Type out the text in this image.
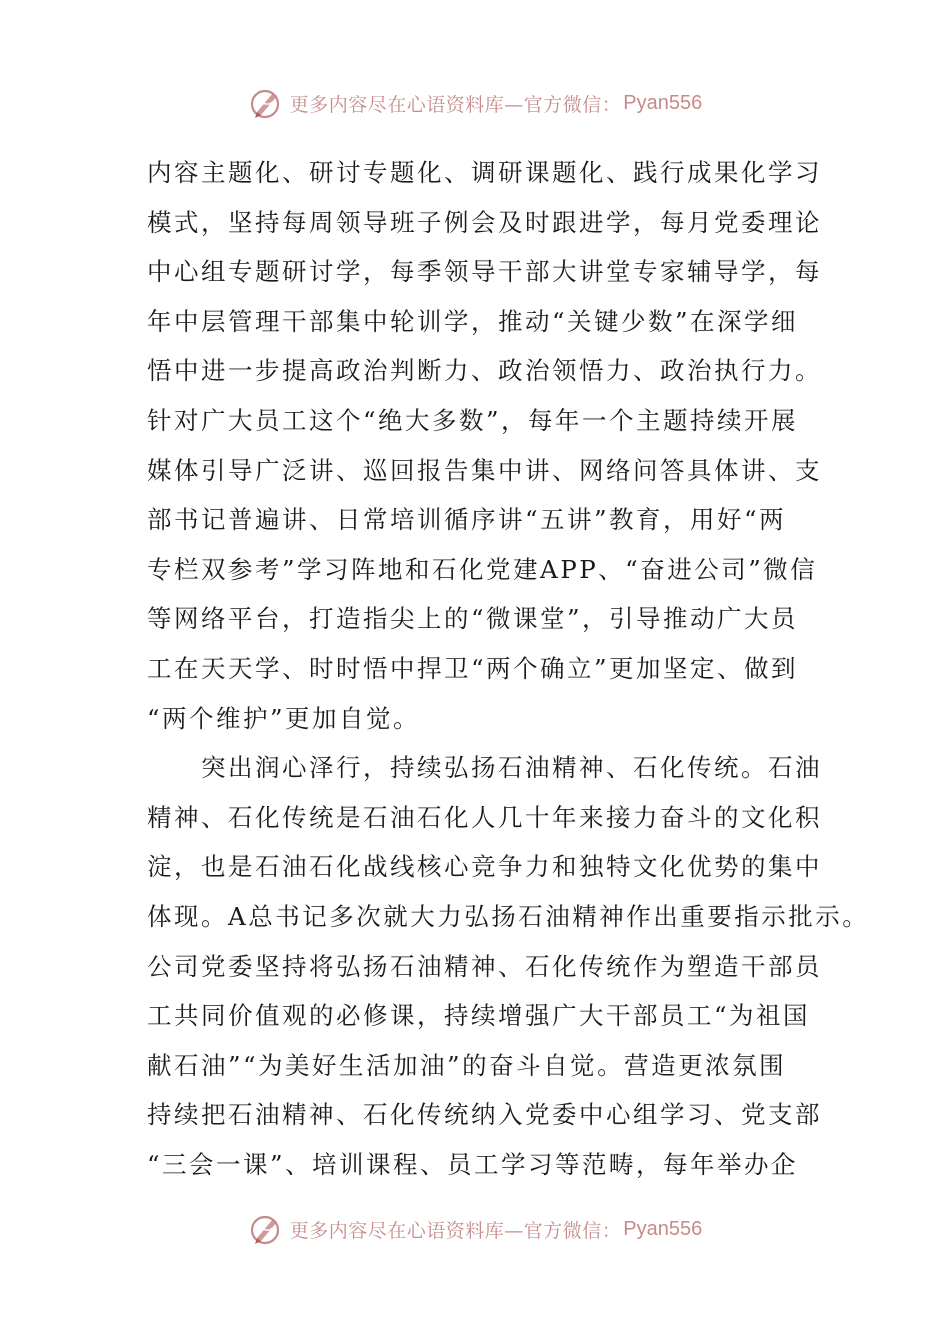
更多内容尽在心语资料库—官方微信： Pyan556
内容主题化、研讨专题化、调研课题化、践行成果化学习
模式，坚持每周领导班子例会及时跟进学，每月党委理论
中心组专题研讨学，每季领导干部大讲堂专家辅导学，每
年中层管理干部集中轮训学，推动“关键少数”在深学细
悟中进一步提高政治判断力、政治领悟力、政治执行力。
针对广大员工这个“绝大多数”，每年一个主题持续开展
媒体引导广泛讲、巡回报告集中讲、网络问答具体讲、支
部书记普遍讲、日常培训循序讲“五讲”教育，用好“两
专栏双参考”学习阵地和石化党建APP、“奋进公司”微信
等网络平台，打造指尖上的“微课堂”，引导推动广大员
工在天天学、时时悟中捍卫“两个确立”更加坚定、做到
“两个维护”更加自觉。
　　突出润心泽行，持续弘扬石油精神、石化传统。石油
精神、石化传统是石油石化人几十年来接力奋斗的文化积
淀，也是石油石化战线核心竞争力和独特文化优势的集中
体现。A总书记多次就大力弘扬石油精神作出重要指示批示。
公司党委坚持将弘扬石油精神、石化传统作为塑造干部员
工共同价值观的必修课，持续增强广大干部员工“为祖国
献石油”“为美好生活加油”的奋斗自觉。营造更浓氛围
持续把石油精神、石化传统纳入党委中心组学习、党支部
“三会一课”、培训课程、员工学习等范畴，每年举办企
更多内容尽在心语资料库—官方微信： Pyan556
